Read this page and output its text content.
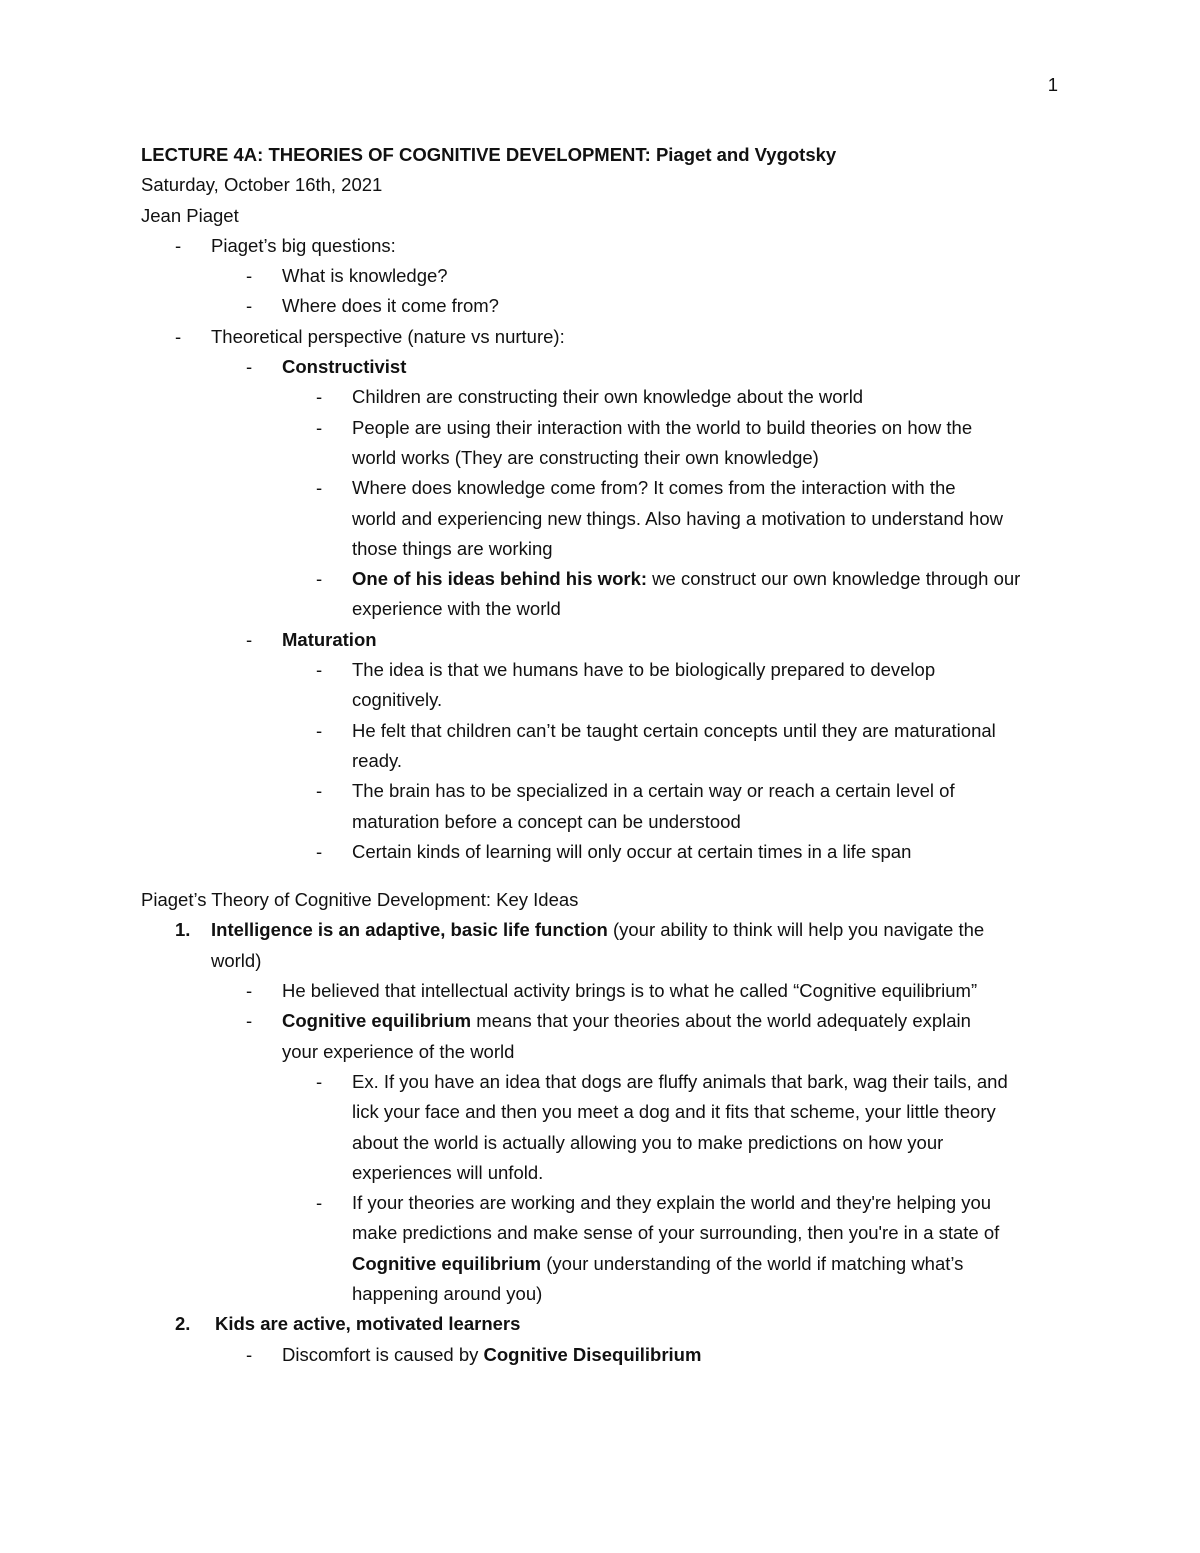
1
LECTURE 4A: THEORIES OF COGNITIVE DEVELOPMENT: Piaget and Vygotsky
Saturday, October 16th, 2021
Jean Piaget
- Piaget’s big questions:
- What is knowledge?
- Where does it come from?
- Theoretical perspective (nature vs nurture):
- Constructivist
- Children are constructing their own knowledge about the world
- People are using their interaction with the world to build theories on how the
world works (They are constructing their own knowledge)
- Where does knowledge come from? It comes from the interaction with the
world and experiencing new things. Also having a motivation to understand how
those things are working
- One of his ideas behind his work: we construct our own knowledge through our
experience with the world
- Maturation
- The idea is that we humans have to be biologically prepared to develop
cognitively.
- He felt that children can’t be taught certain concepts until they are maturational
ready.
- The brain has to be specialized in a certain way or reach a certain level of
maturation before a concept can be understood
- Certain kinds of learning will only occur at certain times in a life span
Piaget’s Theory of Cognitive Development: Key Ideas
1. Intelligence is an adaptive, basic life function (your ability to think will help you navigate the
world)
- He believed that intellectual activity brings is to what he called “Cognitive equilibrium”
- Cognitive equilibrium means that your theories about the world adequately explain
your experience of the world
- Ex. If you have an idea that dogs are fluffy animals that bark, wag their tails, and
lick your face and then you meet a dog and it fits that scheme, your little theory
about the world is actually allowing you to make predictions on how your
experiences will unfold.
- If your theories are working and they explain the world and they're helping you
make predictions and make sense of your surrounding, then you're in a state of
Cognitive equilibrium (your understanding of the world if matching what’s
happening around you)
2. Kids are active, motivated learners
- Discomfort is caused by Cognitive Disequilibrium
